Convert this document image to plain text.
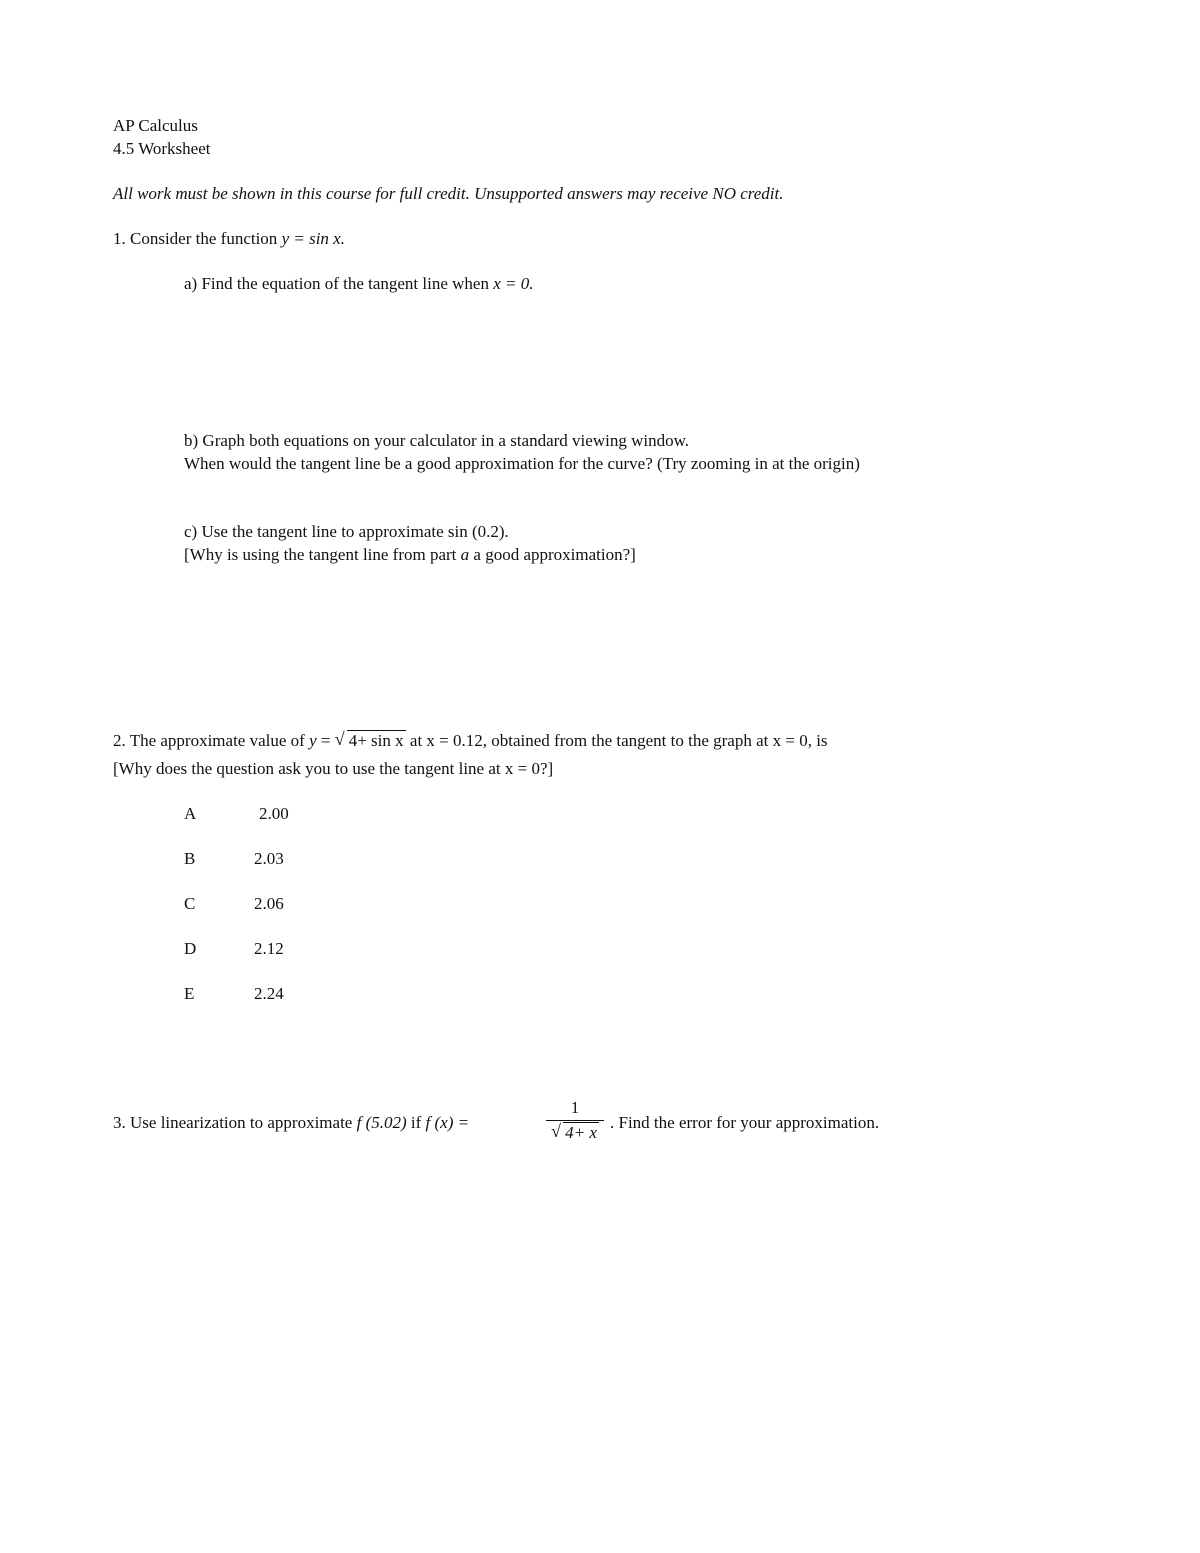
AP Calculus
4.5 Worksheet
All work must be shown in this course for full credit. Unsupported answers may receive NO credit.
1. Consider the function y = sin x.
a) Find the equation of the tangent line when x = 0.
b) Graph both equations on your calculator in a standard viewing window.
When would the tangent line be a good approximation for the curve? (Try zooming in at the origin)
c) Use the tangent line to approximate sin (0.2).
[Why is using the tangent line from part a a good approximation?]
2. The approximate value of y = √ 4+ sin x at x = 0.12, obtained from the tangent to the graph at x = 0, is
[Why does the question ask you to use the tangent line at x = 0?]
A	2.00
B	2.03
C	2.06
D	2.12
E	2.24
3. Use linearization to approximate f (5.02) if f (x) =
1
√ 4+ x
. Find the error for your approximation.
